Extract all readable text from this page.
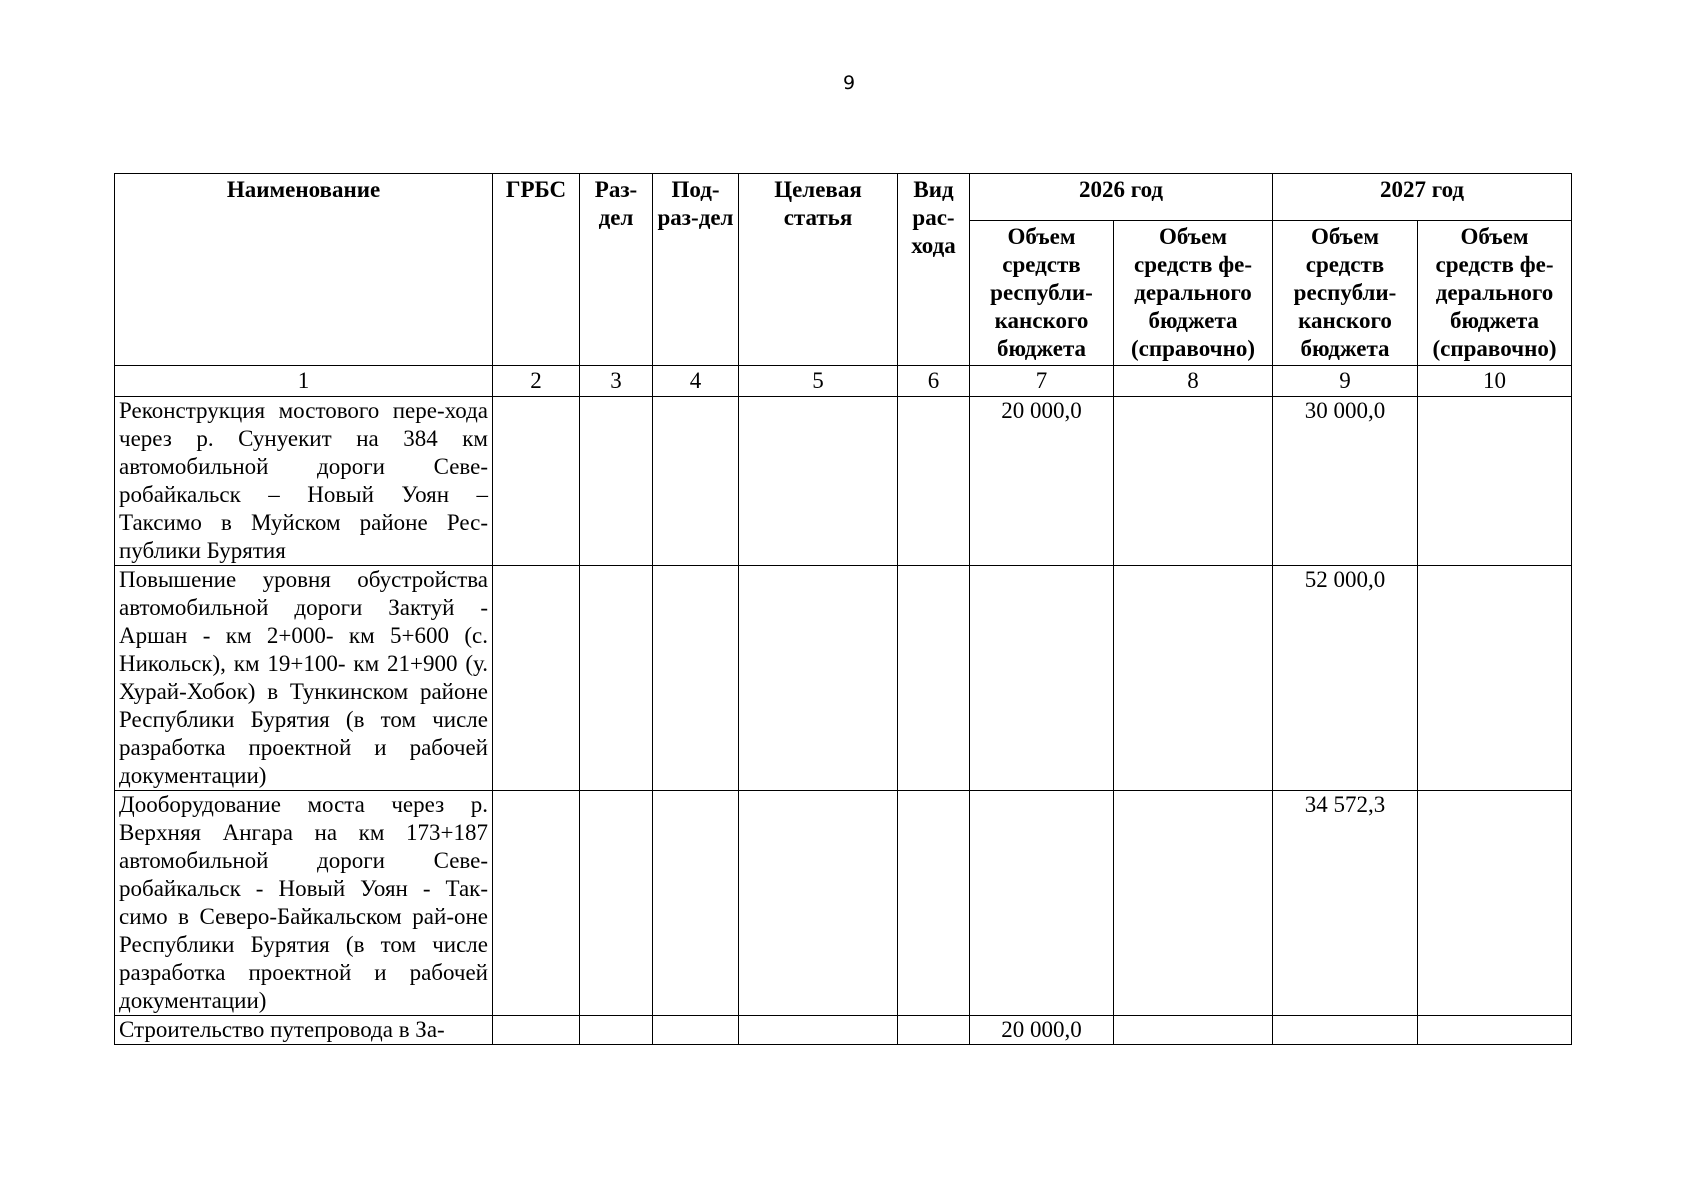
9
Наименование	ГРБС	Раз-дел	Под-раз-дел	Целевая статья	Вид рас-хода	2026 год		2027 год	
						Объем средств республи-канского бюджета	Объем средств фе-дерального бюджета (справочно)	Объем средств республи-канского бюджета	Объем средств фе-дерального бюджета (справочно)
1	2	3	4	5	6	7	8	9	10
Реконструкция мостового пере-хода через р. Сунуекит на 384 км автомобильной дороги Севе-робайкальск – Новый Уоян – Таксимо в Муйском районе Рес-публики Бурятия						20 000,0		30 000,0	
Повышение уровня обустройства автомобильной дороги Зактуй - Аршан - км 2+000- км 5+600 (с. Никольск), км 19+100- км 21+900 (у. Хурай-Хобок) в Тункинском районе Республики Бурятия (в том числе разработка проектной и рабочей документации)								52 000,0	
Дооборудование моста через р. Верхняя Ангара на км 173+187 автомобильной дороги Севе-робайкальск - Новый Уоян - Так-симо в Северо-Байкальском рай-оне Республики Бурятия (в том числе разработка проектной и рабочей документации)								34 572,3	
Строительство путепровода в За-						20 000,0			
